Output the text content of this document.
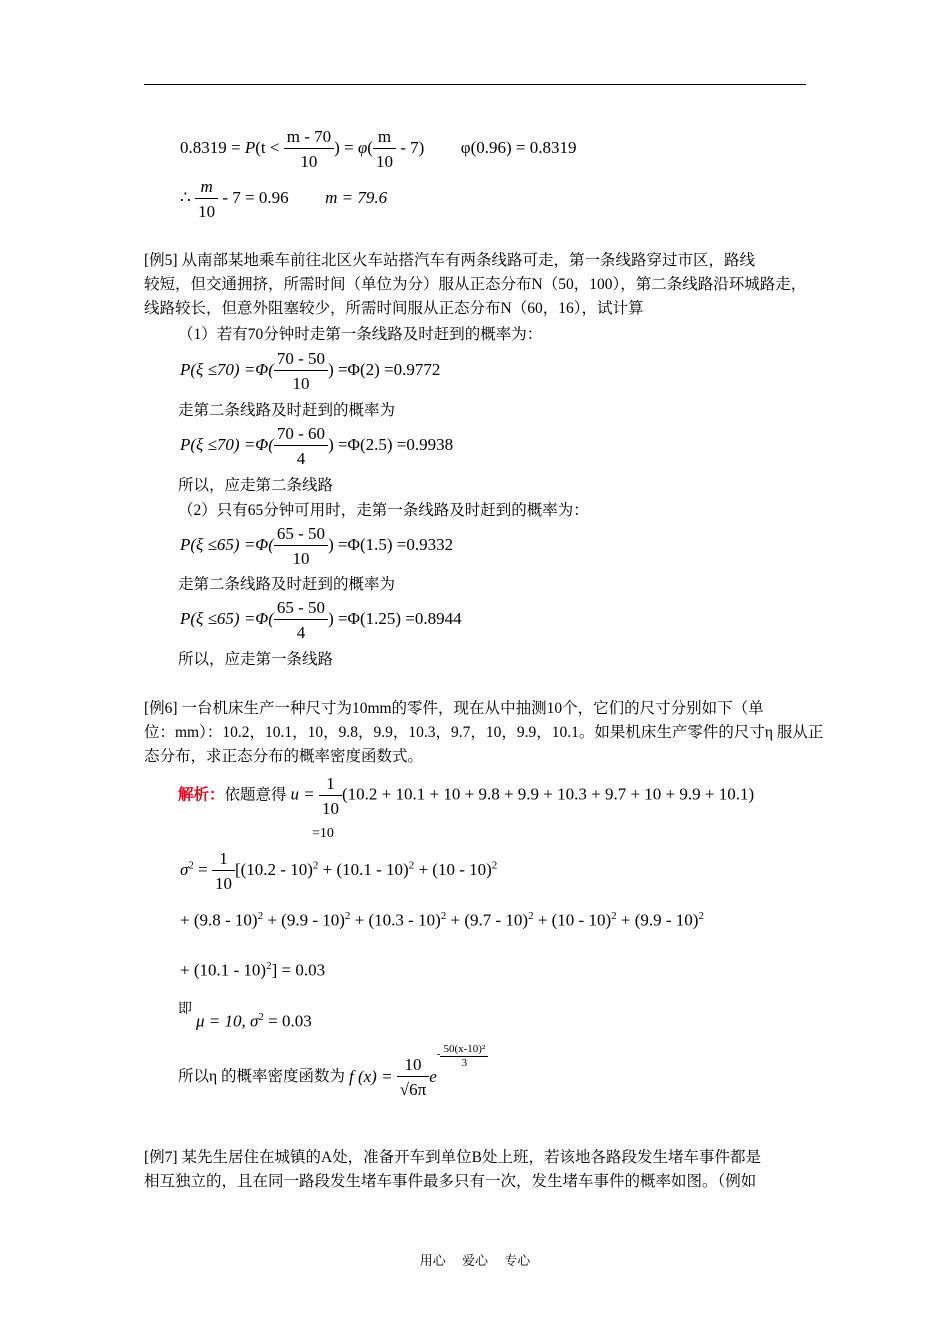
$0.8319 = P(t < \frac{m - 70}{10}$ ) = $\varphi( \frac{m}{10} - 7)$ φ(0.96) = 0.8319
∴ $\frac{m}{10} - 7 = 0.96$ m = 79.6
[例5] 从南部某地乘车前往北区火车站搭汽车有两条线路可走，第一条线路穿过市区，路线
较短，但交通拥挤，所需时间（单位为分）服从正态分布N（50，100），第二条线路沿环城路走，
线路较长，但意外阻塞较少，所需时间服从正态分布N（60，16），试计算
（1）若有70分钟时走第一条线路及时赶到的概率为：
$P(\xi \le 70) =\Phi( \frac{70 - 50}{10}$ ) =Φ(2) =0.9772
走第二条线路及时赶到的概率为
$P(\xi \le 70) =\Phi( \frac{70 - 60}{4}$ ) =Φ(2.5) =0.9938
所以，应走第二条线路
（2）只有65分钟可用时，走第一条线路及时赶到的概率为：
$P(\xi \le 65) =\Phi( \frac{65 - 50}{10}$ ) =Φ(1.5) =0.9332
走第二条线路及时赶到的概率为
$P(\xi \le 65) =\Phi( \frac{65 - 50}{4}$ ) =Φ(1.25) =0.8944
所以，应走第一条线路
[例6] 一台机床生产一种尺寸为10mm的零件，现在从中抽测10个，它们的尺寸分别如下（单
位：mm）：10.2，10.1，10，9.8，9.9，10.3，9.7，10，9.9，10.1。如果机床生产零件的尺寸η 服从正
态分布，求正态分布的概率密度函数式。
解析：依题意得 $u = \frac{1}{10} (10.2 + 10.1 + 10 + 9.8 + 9.9 + 10.3 + 9.7 + 10 + 9.9 + 10.1)$
=10
$\sigma^2 = \frac{1}{10} [(10.2 - 10)^2 + (10.1 - 10)^2 + (10 - 10)^2$
+ (9.8 - 10)$^2$ + (9.9 - 10)$^2$ + (10.3 - 10)$^2$ + (9.7 - 10)$^2$ + (10 - 10)$^2$ + (9.9 - 10)$^2$
+ (10.1 - 10)$^2$] = 0.03
即
μ = 10, $\sigma^2 = 0.03$
所以η 的概率密度函数为 f $(x) = \frac{10}{√6\pi} e^- \frac{\text{50(x-10)²}}{3}$
[例7] 某先生居住在城镇的A处，准备开车到单位B处上班，若该地各路段发生堵车事件都是
相互独立的，且在同一路段发生堵车事件最多只有一次，发生堵车事件的概率如图。（例如
用心　 爱心　 专心
